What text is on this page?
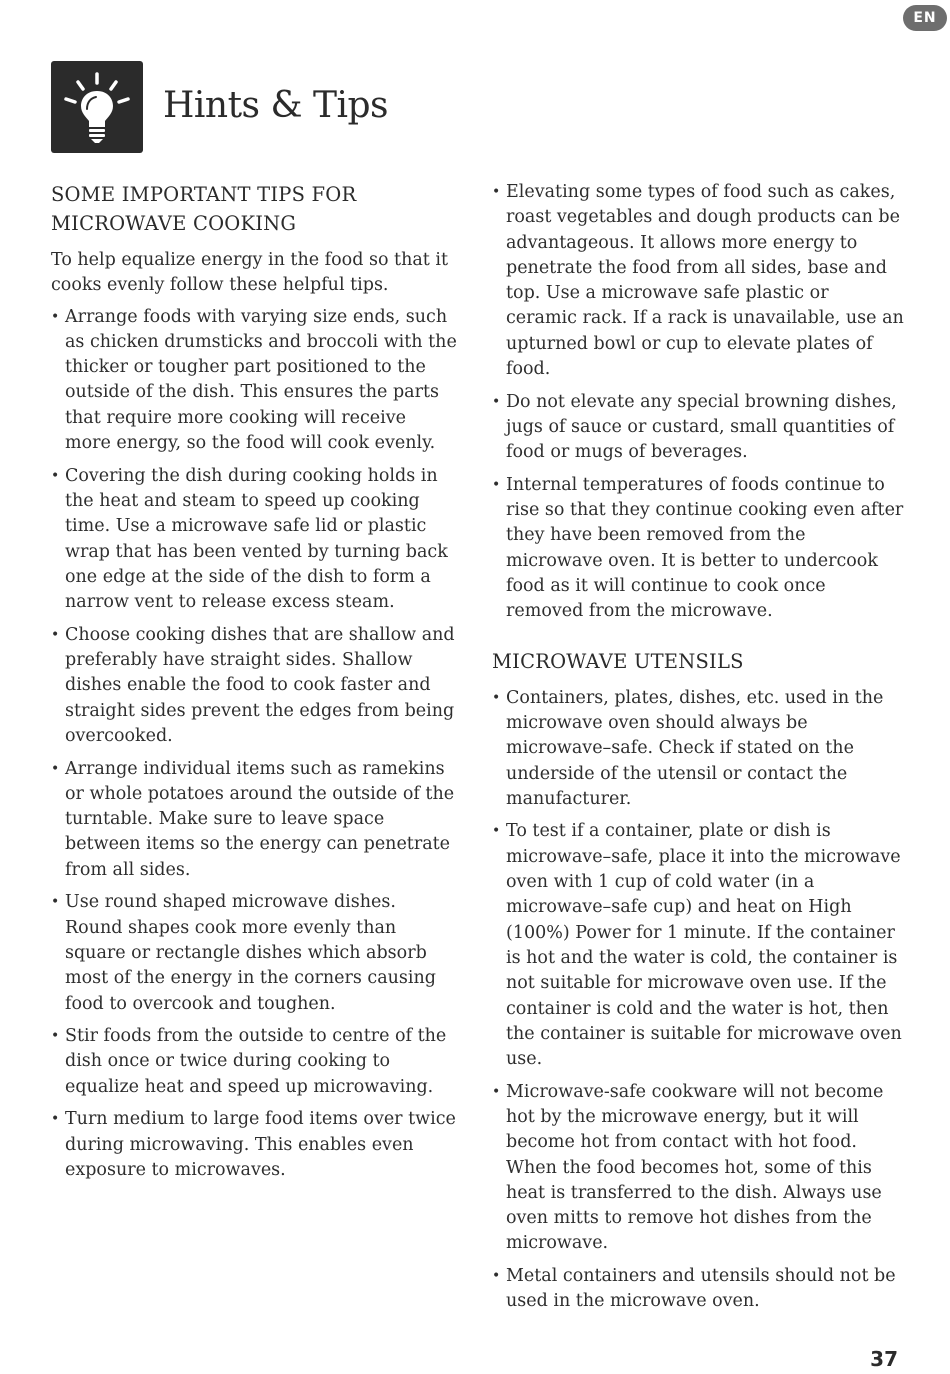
EN
Hints & Tips
SOME IMPORTANT TIPS FOR MICROWAVE COOKING

To help equalize energy in the food so that it cooks evenly follow these helpful tips.

• Arrange foods with varying size ends, such as chicken drumsticks and broccoli with the thicker or tougher part positioned to the outside of the dish. This ensures the parts that require more cooking will receive more energy, so the food will cook evenly.
• Covering the dish during cooking holds in the heat and steam to speed up cooking time. Use a microwave safe lid or plastic wrap that has been vented by turning back one edge at the side of the dish to form a narrow vent to release excess steam.
• Choose cooking dishes that are shallow and preferably have straight sides. Shallow dishes enable the food to cook faster and straight sides prevent the edges from being overcooked.
• Arrange individual items such as ramekins or whole potatoes around the outside of the turntable. Make sure to leave space between items so the energy can penetrate from all sides.
• Use round shaped microwave dishes. Round shapes cook more evenly than square or rectangle dishes which absorb most of the energy in the corners causing food to overcook and toughen.
• Stir foods from the outside to centre of the dish once or twice during cooking to equalize heat and speed up microwaving.
• Turn medium to large food items over twice during microwaving. This enables even exposure to microwaves.
• Elevating some types of food such as cakes, roast vegetables and dough products can be advantageous. It allows more energy to penetrate the food from all sides, base and top. Use a microwave safe plastic or ceramic rack. If a rack is unavailable, use an upturned bowl or cup to elevate plates of food.
• Do not elevate any special browning dishes, jugs of sauce or custard, small quantities of food or mugs of beverages.
• Internal temperatures of foods continue to rise so that they continue cooking even after they have been removed from the microwave oven. It is better to undercook food as it will continue to cook once removed from the microwave.
MICROWAVE UTENSILS
• Containers, plates, dishes, etc. used in the microwave oven should always be microwave–safe. Check if stated on the underside of the utensil or contact the manufacturer.
• To test if a container, plate or dish is microwave–safe, place it into the microwave oven with 1 cup of cold water (in a microwave–safe cup) and heat on High (100%) Power for 1 minute. If the container is hot and the water is cold, the container is not suitable for microwave oven use. If the container is cold and the water is hot, then the container is suitable for microwave oven use.
• Microwave-safe cookware will not become hot by the microwave energy, but it will become hot from contact with hot food. When the food becomes hot, some of this heat is transferred to the dish. Always use oven mitts to remove hot dishes from the microwave.
• Metal containers and utensils should not be used in the microwave oven.
37
